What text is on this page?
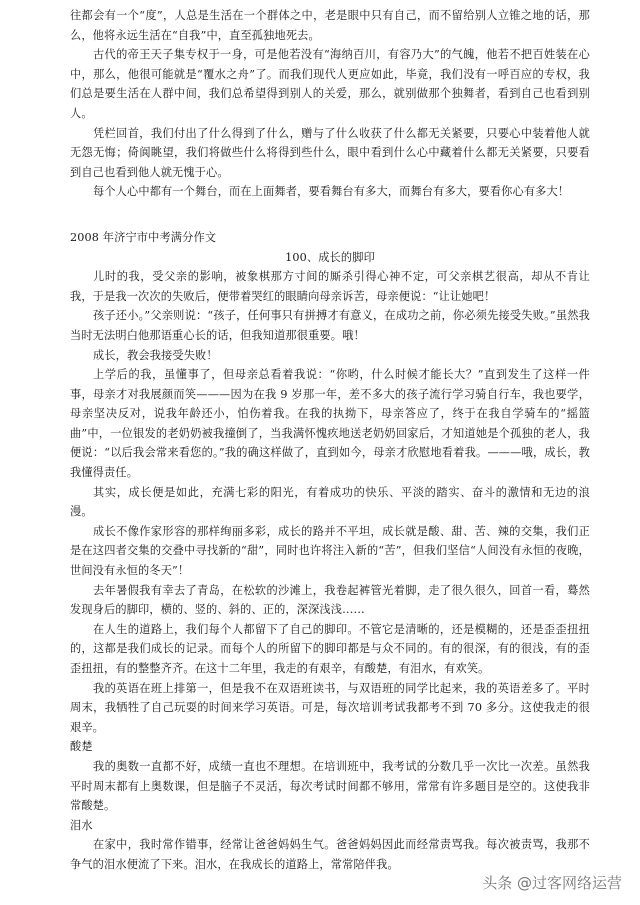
往都会有一个“度”，人总是生活在一个群体之中，老是眼中只有自己，而不留给别人立锥之地的话，那么，他将永远生活在“自我”中，直至孤独地死去。

古代的帝王天子集专权于一身，可是他若没有“海纳百川，有容乃大”的气魄，他若不把百姓装在心中，那么，他很可能就是“覆水之舟”了。而我们现代人更应如此，毕竟，我们没有一呼百应的专权，我们总是要生活在人群中间，我们总希望得到别人的关爱，那么，就别做那个独舞者，看到自己也看到别人。

凭栏回首，我们付出了什么得到了什么，赠与了什么收获了什么都无关紧要，只要心中装着他人就无怨无悔；倚阆眺望，我们将做些什么将得到些什么，眼中看到什么心中藏着什么都无关紧要，只要看到自己也看到他人就无愧于心。

每个人心中都有一个舞台，而在上面舞者，要看舞台有多大，而舞台有多大，要看你心有多大！

2008 年济宁市中考满分作文

100、成长的脚印

儿时的我，受父亲的影响，被象棋那方寸间的厮杀引得心神不定，可父亲棋艺很高，却从不肯让我，于是我一次次的失败后，便带着哭红的眼睛向母亲诉苦，母亲便说：“让让她吧！

孩子还小。”父亲则说：“孩子，任何事只有拼搏才有意义，在成功之前，你必须先接受失败。”虽然我当时无法明白他那语重心长的话，但我知道那很重要。哦！

成长，教会我接受失败！

上学后的我，虽懂事了，但母亲总看着我说：“你哟，什么时候才能长大？”直到发生了这样一件事，母亲才对我展颜而笑———因为在我 9 岁那一年，差不多大的孩子流行学习骑自行车，我也要学，母亲坚决反对，说我年龄还小，怕伤着我。在我的执拗下，母亲答应了，终于在我自学骑车的“摇篮曲”中，一位银发的老奶奶被我撞倒了，当我满怀愧疚地送老奶奶回家后，才知道她是个孤独的老人，我便说：“以后我会常来看您的。”我的确这样做了，直到如今，母亲才欣慰地看着我。———哦，成长，教我懂得责任。

其实，成长便是如此，充满七彩的阳光，有着成功的快乐、平淡的踏实、奋斗的激情和无边的浪漫。

成长不像作家形容的那样绚丽多彩，成长的路并不平坦，成长就是酸、甜、苦、辣的交集，我们正是在这四者交集的交叠中寻找新的“甜”，同时也许将注入新的“苦”，但我们坚信“人间没有永恒的夜晚，世间没有永恒的冬天”！

去年暑假我有幸去了青岛，在松软的沙滩上，我卷起裤管光着脚，走了很久很久，回首一看，蓦然发现身后的脚印，横的、竖的、斜的、正的，深深浅浅……

在人生的道路上，我们每个人都留下了自己的脚印。不管它是清晰的，还是模糊的，还是歪歪扭扭的，这都是我们成长的记录。而每个人的所留下的脚印都是与众不同的。有的很深，有的很浅，有的歪歪扭扭，有的整整齐齐。在这十二年里，我走的有艰辛，有酸楚，有泪水，有欢笑。

我的英语在班上排第一，但是我不在双语班读书，与双语班的同学比起来，我的英语差多了。平时周末，我牺牲了自己玩耍的时间来学习英语。可是，每次培训考试我都考不到 70 多分。这使我走的很艰辛。

酸楚

我的奥数一直都不好，成绩一直也不理想。在培训班中，我考试的分数几乎一次比一次差。虽然我平时周末都有上奥数课，但是脑子不灵活，每次考试时间都不够用，常常有许多题目是空的。这使我非常酸楚。

泪水

在家中，我时常作错事，经常让爸爸妈妈生气。爸爸妈妈因此而经常责骂我。每次被责骂，我那不争气的泪水便流了下来。泪水，在我成长的道路上，常常陪伴我。

头条 @过客网络运营
